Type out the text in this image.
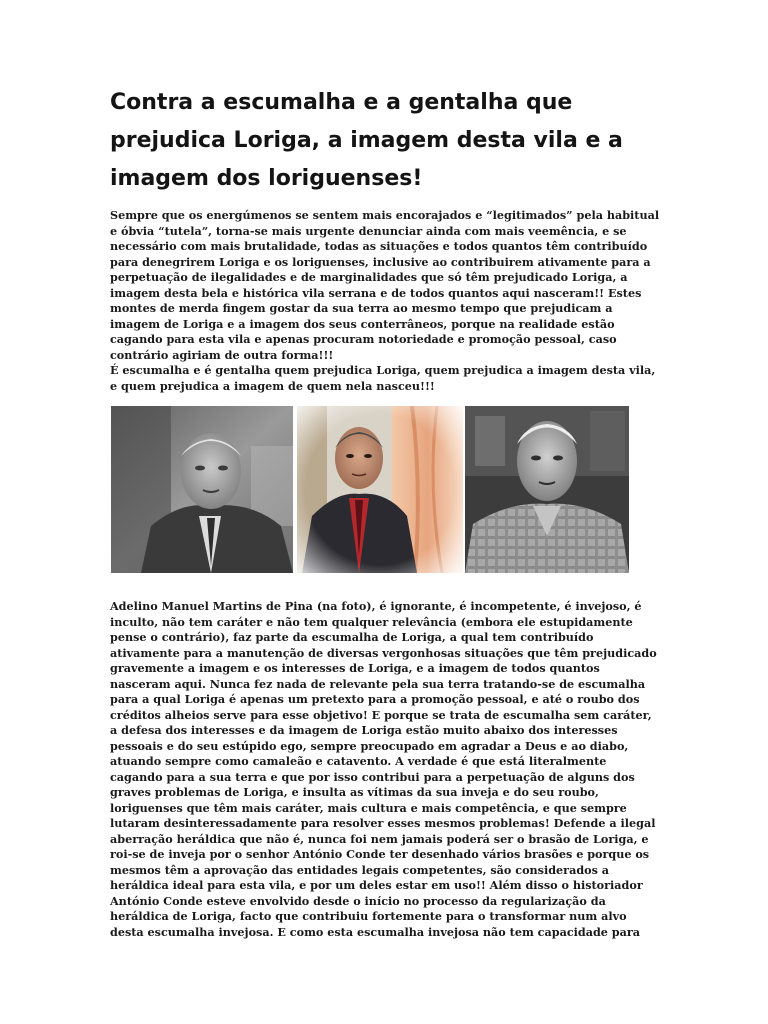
Contra a escumalha e a gentalha que prejudica Loriga, a imagem desta vila e a imagem dos loriguenses!

Sempre que os energúmenos se sentem mais encorajados e “legitimados” pela habitual e óbvia “tutela”, torna-se mais urgente denunciar ainda com mais veemência, e se necessário com mais brutalidade, todas as situações e todos quantos têm contribuído para denegrirem Loriga e os loriguenses, inclusive ao contribuirem ativamente para a perpetuação de ilegalidades e de marginalidades que só têm prejudicado Loriga, a imagem desta bela e histórica vila serrana e de todos quantos aqui nasceram!! Estes montes de merda fingem gostar da sua terra ao mesmo tempo que prejudicam a imagem de Loriga e a imagem dos seus conterrâneos, porque na realidade estão cagando para esta vila e apenas procuram notoriedade e promoção pessoal, caso contrário agiriam de outra forma!!!

É escumalha e é gentalha quem prejudica Loriga, quem prejudica a imagem desta vila, e quem prejudica a imagem de quem nela nasceu!!!

Adelino Manuel Martins de Pina (na foto), é ignorante, é incompetente, é invejoso, é inculto, não tem caráter e não tem qualquer relevância (embora ele estupidamente pense o contrário), faz parte da escumalha de Loriga, a qual tem contribuído ativamente para a manutenção de diversas vergonhosas situações que têm prejudicado gravemente a imagem e os interesses de Loriga, e a imagem de todos quantos nasceram aqui. Nunca fez nada de relevante pela sua terra tratando-se de escumalha para a qual Loriga é apenas um pretexto para a promoção pessoal, e até o roubo dos créditos alheios serve para esse objetivo! E porque se trata de escumalha sem caráter, a defesa dos interesses e da imagem de Loriga estão muito abaixo dos interesses pessoais e do seu estúpido ego, sempre preocupado em agradar a Deus e ao diabo, atuando sempre como camaleão e catavento. A verdade é que está literalmente cagando para a sua terra e que por isso contribui para a perpetuação de alguns dos graves problemas de Loriga, e insulta as vítimas da sua inveja e do seu roubo, loriguenses que têm mais caráter, mais cultura e mais competência, e que sempre lutaram desinteressadamente para resolver esses mesmos problemas! Defende a ilegal aberração heráldica que não é, nunca foi nem jamais poderá ser o brasão de Loriga, e roi-se de inveja por o senhor António Conde ter desenhado vários brasões e porque os mesmos têm a aprovação das entidades legais competentes, são considerados a heráldica ideal para esta vila, e por um deles estar em uso!! Além disso o historiador António Conde esteve envolvido desde o início no processo da regularização da heráldica de Loriga, facto que contribuiu fortemente para o transformar num alvo desta escumalha invejosa. E como esta escumalha invejosa não tem capacidade para
